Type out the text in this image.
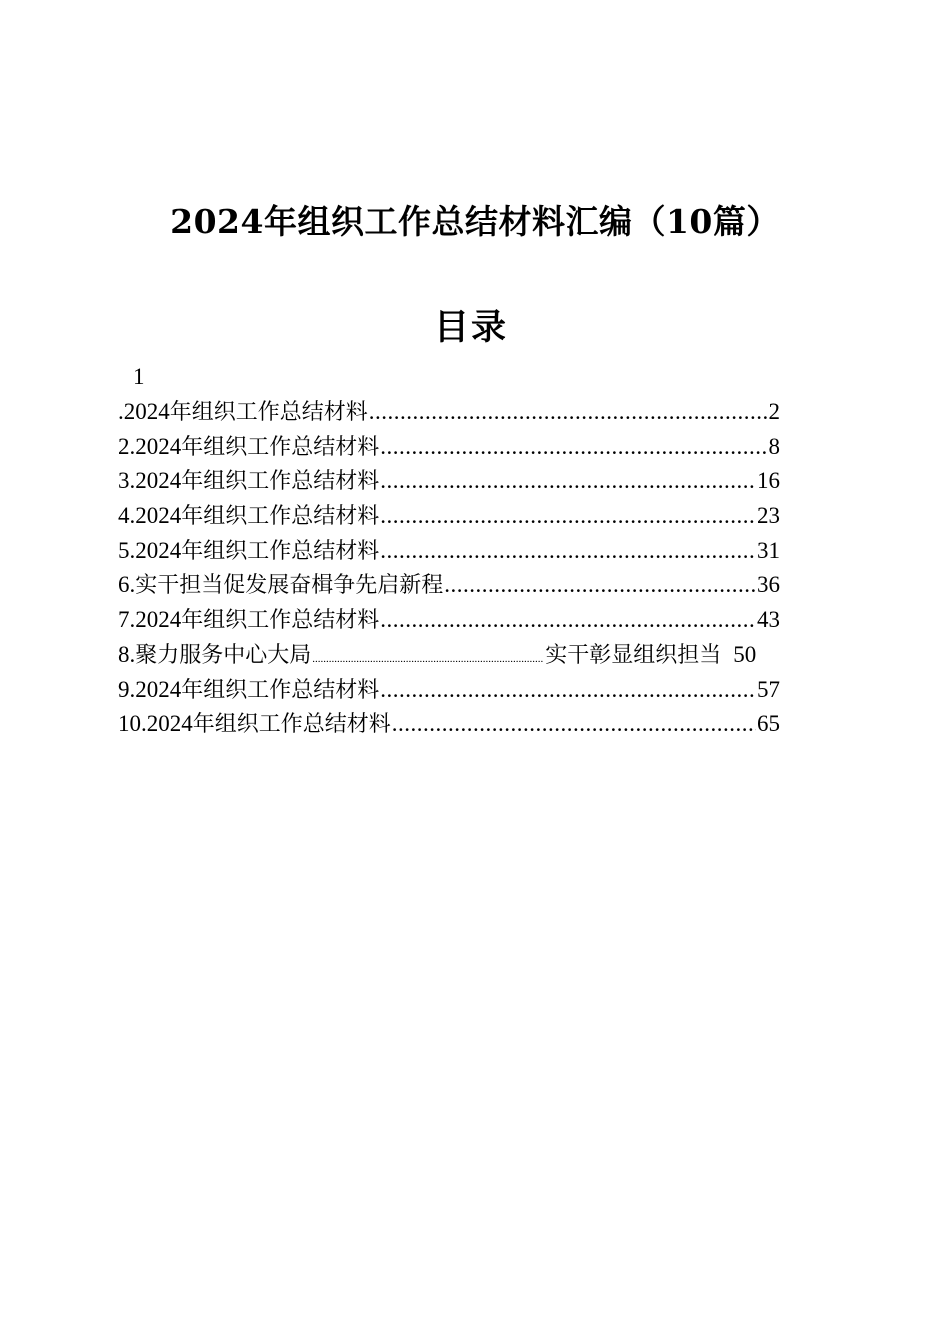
2024年组织工作总结材料汇编（10篇）
目录
1
. 2024年组织工作总结材料 .....	2
2. 2024年组织工作总结材料 .....	8
3. 2024年组织工作总结材料 .....	16
4. 2024年组织工作总结材料 .....	23
5. 2024年组织工作总结材料 .....	31
6. 实干担当促发展奋楫争先启新程 .....	36
7. 2024年组织工作总结材料 .....	43
8. 聚力服务中心大局 .....	实干彰显组织担当 50
9. 2024年组织工作总结材料 .....	57
10. 2024年组织工作总结材料 .....	65
